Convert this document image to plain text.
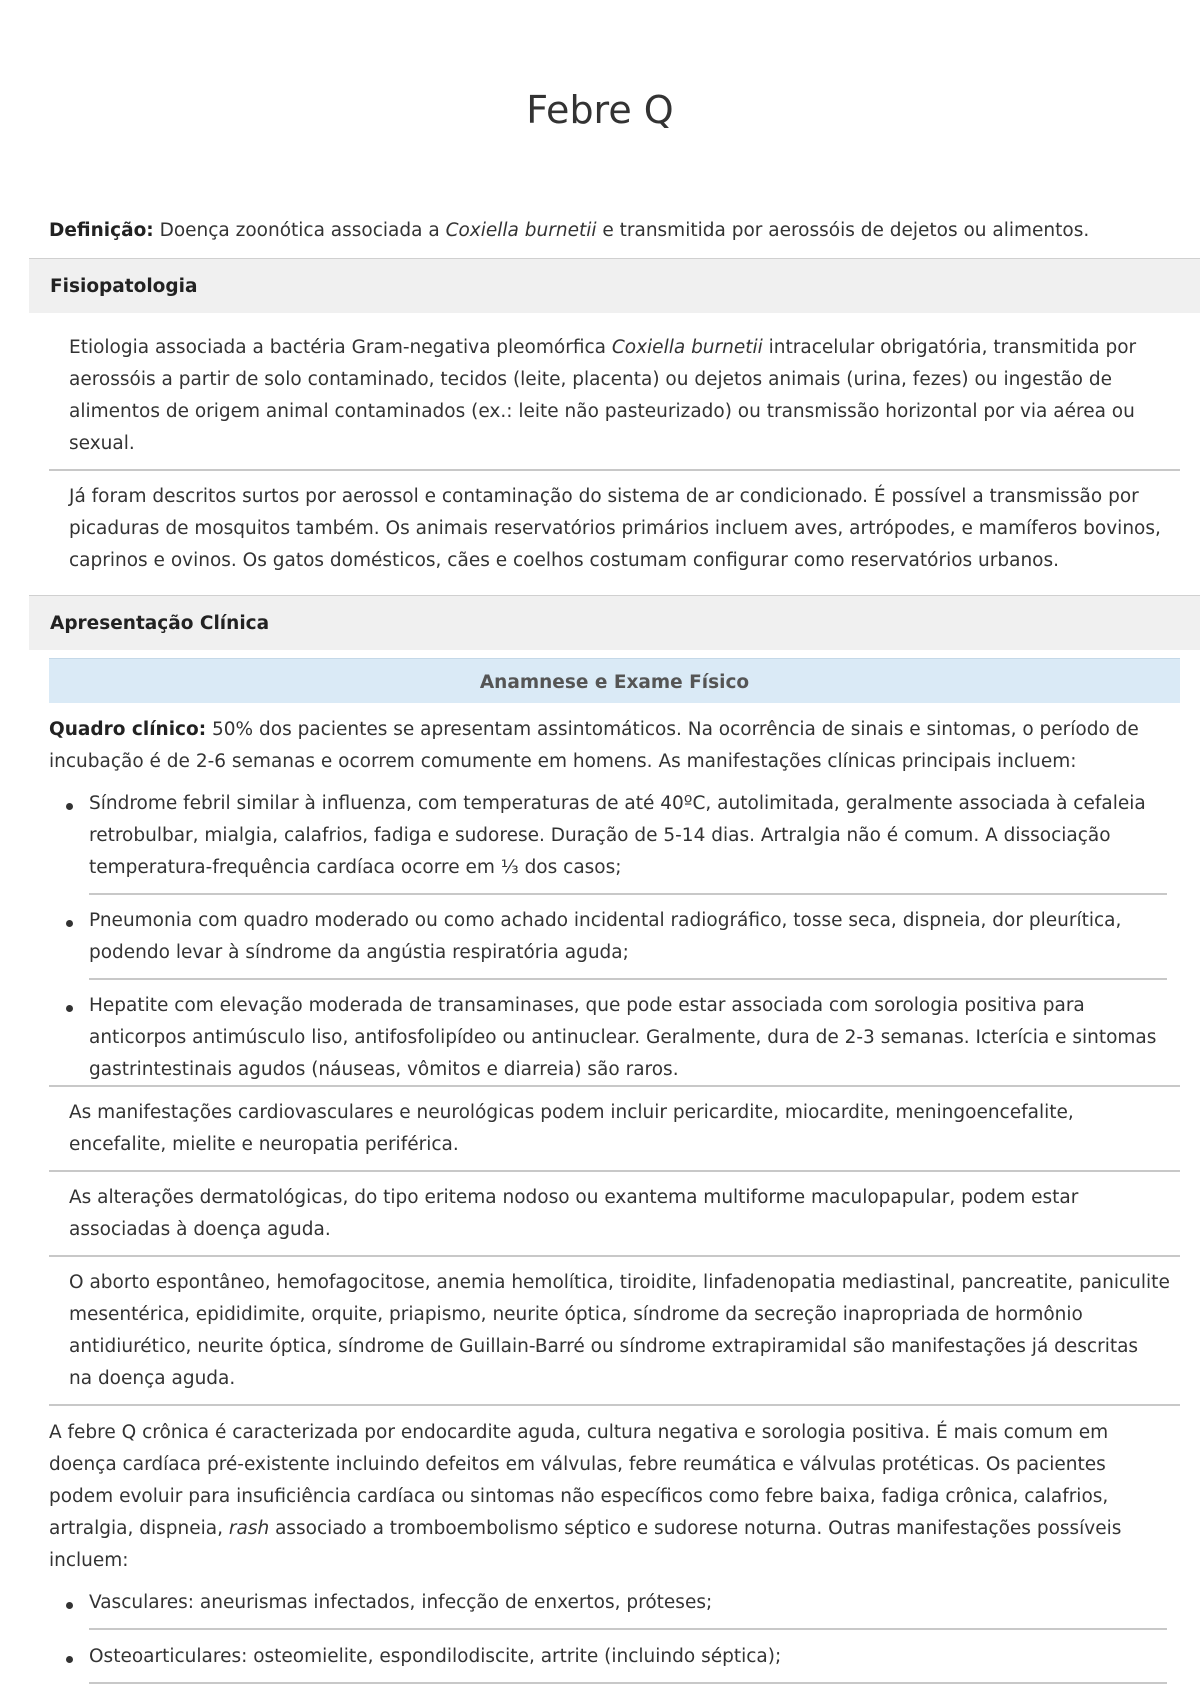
Febre Q
Definição: Doença zoonótica associada a Coxiella burnetii e transmitida por aerossóis de dejetos ou alimentos.
Fisiopatologia
Etiologia associada a bactéria Gram-negativa pleomórfica Coxiella burnetii intracelular obrigatória, transmitida por
aerossóis a partir de solo contaminado, tecidos (leite, placenta) ou dejetos animais (urina, fezes) ou ingestão de
alimentos de origem animal contaminados (ex.: leite não pasteurizado) ou transmissão horizontal por via aérea ou
sexual.
Já foram descritos surtos por aerossol e contaminação do sistema de ar condicionado. É possível a transmissão por
picaduras de mosquitos também. Os animais reservatórios primários incluem aves, artrópodes, e mamíferos bovinos,
caprinos e ovinos. Os gatos domésticos, cães e coelhos costumam configurar como reservatórios urbanos.
Apresentação Clínica
Anamnese e Exame Físico
Quadro clínico: 50% dos pacientes se apresentam assintomáticos. Na ocorrência de sinais e sintomas, o período de
incubação é de 2-6 semanas e ocorrem comumente em homens. As manifestações clínicas principais incluem:
Síndrome febril similar à influenza, com temperaturas de até 40ºC, autolimitada, geralmente associada à cefaleia
retrobulbar, mialgia, calafrios, fadiga e sudorese. Duração de 5-14 dias. Artralgia não é comum. A dissociação
temperatura-frequência cardíaca ocorre em ⅓ dos casos;
Pneumonia com quadro moderado ou como achado incidental radiográfico, tosse seca, dispneia, dor pleurítica,
podendo levar à síndrome da angústia respiratória aguda;
Hepatite com elevação moderada de transaminases, que pode estar associada com sorologia positiva para
anticorpos antimúsculo liso, antifosfolipídeo ou antinuclear. Geralmente, dura de 2-3 semanas. Icterícia e sintomas
gastrintestinais agudos (náuseas, vômitos e diarreia) são raros.
As manifestações cardiovasculares e neurológicas podem incluir pericardite, miocardite, meningoencefalite,
encefalite, mielite e neuropatia periférica.
As alterações dermatológicas, do tipo eritema nodoso ou exantema multiforme maculopapular, podem estar
associadas à doença aguda.
O aborto espontâneo, hemofagocitose, anemia hemolítica, tiroidite, linfadenopatia mediastinal, pancreatite, paniculite
mesentérica, epididimite, orquite, priapismo, neurite óptica, síndrome da secreção inapropriada de hormônio
antidiurético, neurite óptica, síndrome de Guillain-Barré ou síndrome extrapiramidal são manifestações já descritas
na doença aguda.
A febre Q crônica é caracterizada por endocardite aguda, cultura negativa e sorologia positiva. É mais comum em
doença cardíaca pré-existente incluindo defeitos em válvulas, febre reumática e válvulas protéticas. Os pacientes
podem evoluir para insuficiência cardíaca ou sintomas não específicos como febre baixa, fadiga crônica, calafrios,
artralgia, dispneia, rash associado a tromboembolismo séptico e sudorese noturna. Outras manifestações possíveis
incluem:
Vasculares: aneurismas infectados, infecção de enxertos, próteses;
Osteoarticulares: osteomielite, espondilodiscite, artrite (incluindo séptica);
